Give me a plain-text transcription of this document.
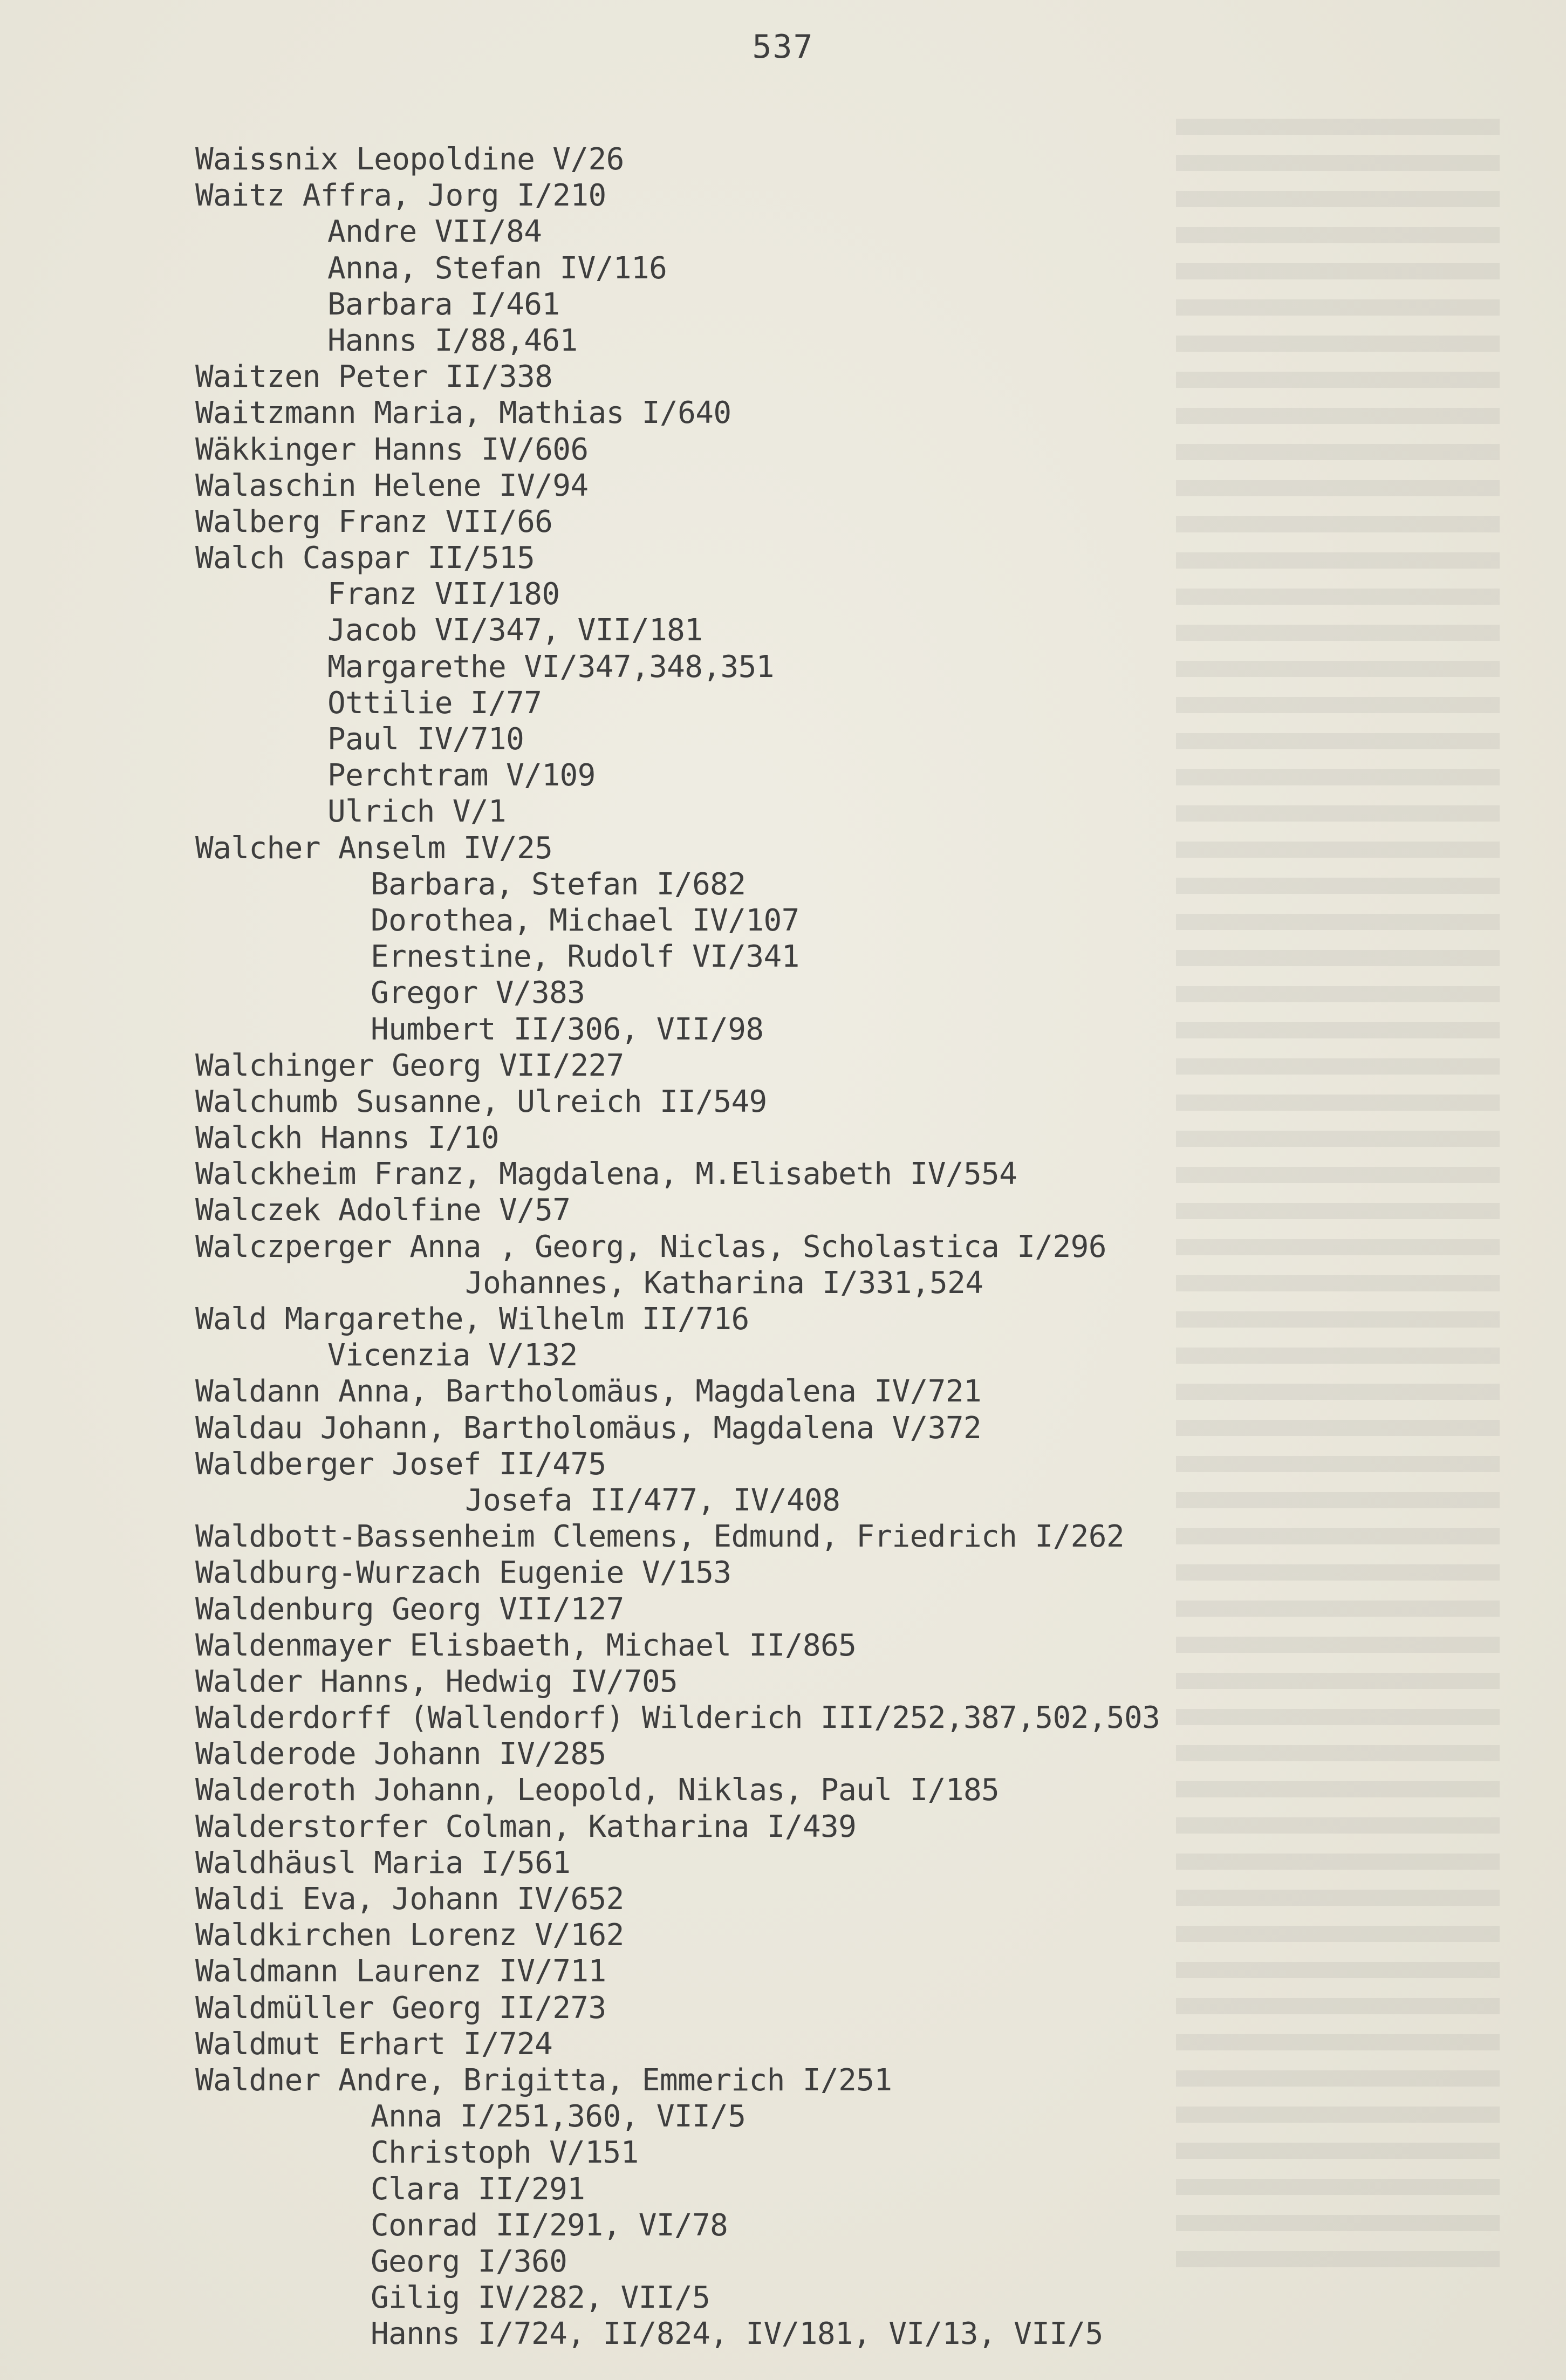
537
Waissnix Leopoldine V/26
Waitz Affra, Jorg I/210
Andre VII/84
Anna, Stefan IV/116
Barbara I/461
Hanns I/88,461
Waitzen Peter II/338
Waitzmann Maria, Mathias I/640
Wäkkinger Hanns IV/606
Walaschin Helene IV/94
Walberg Franz VII/66
Walch Caspar II/515
Franz VII/180
Jacob VI/347, VII/181
Margarethe VI/347,348,351
Ottilie I/77
Paul IV/710
Perchtram V/109
Ulrich V/1
Walcher Anselm IV/25
Barbara, Stefan I/682
Dorothea, Michael IV/107
Ernestine, Rudolf VI/341
Gregor V/383
Humbert II/306, VII/98
Walchinger Georg VII/227
Walchumb Susanne, Ulreich II/549
Walckh Hanns I/10
Walckheim Franz, Magdalena, M.Elisabeth IV/554
Walczek Adolfine V/57
Walczperger Anna , Georg, Niclas, Scholastica I/296
Johannes, Katharina I/331,524
Wald Margarethe, Wilhelm II/716
Vicenzia V/132
Waldann Anna, Bartholomäus, Magdalena IV/721
Waldau Johann, Bartholomäus, Magdalena V/372
Waldberger Josef II/475
Josefa II/477, IV/408
Waldbott-Bassenheim Clemens, Edmund, Friedrich I/262
Waldburg-Wurzach Eugenie V/153
Waldenburg Georg VII/127
Waldenmayer Elisbaeth, Michael II/865
Walder Hanns, Hedwig IV/705
Walderdorff (Wallendorf) Wilderich III/252,387,502,503
Walderode Johann IV/285
Walderoth Johann, Leopold, Niklas, Paul I/185
Walderstorfer Colman, Katharina I/439
Waldhäusl Maria I/561
Waldi Eva, Johann IV/652
Waldkirchen Lorenz V/162
Waldmann Laurenz IV/711
Waldmüller Georg II/273
Waldmut Erhart I/724
Waldner Andre, Brigitta, Emmerich I/251
Anna I/251,360, VII/5
Christoph V/151
Clara II/291
Conrad II/291, VI/78
Georg I/360
Gilig IV/282, VII/5
Hanns I/724, II/824, IV/181, VI/13, VII/5
